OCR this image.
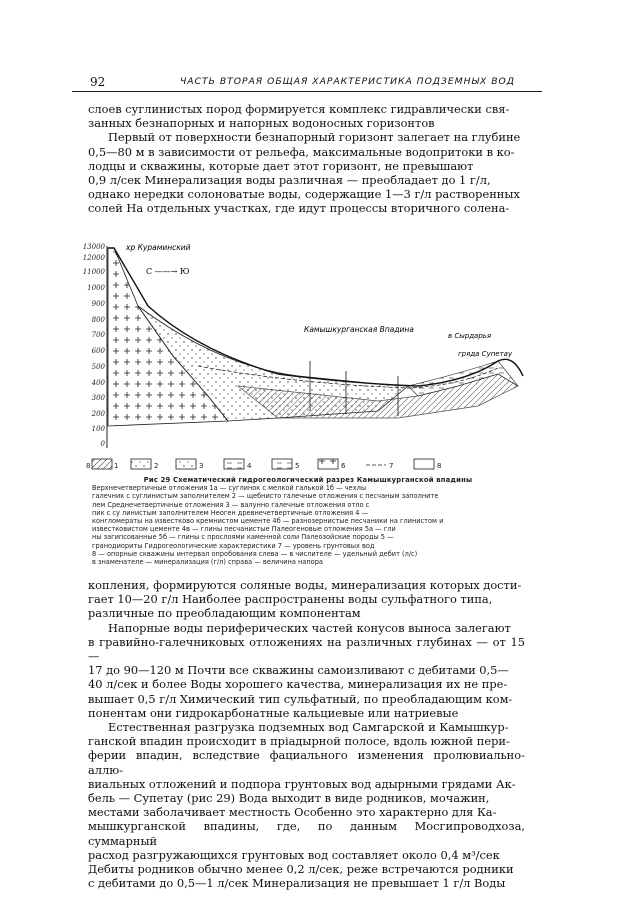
92	ЧАСТЬ ВТОРАЯ ОБЩАЯ ХАРАКТЕРИСТИКА ПОДЗЕМНЫХ ВОД

слоев суглинистых пород формируется комплекс гидравлически свя-

занных безнапорных и напорных водоносных горизонтов

Первый от поверхности безнапорный горизонт залегает на глубине

0,5—80 м в зависимости от рельефа, максимальные водопритоки в ко-

лодцы и скважины, которые дает этот горизонт, не превышают

0,9 л/сек Минерализация воды различная — преобладает до 1 г/л,

однако нередки солоноватые воды, содержащие 1—3 г/л растворенных

солей На отдельных участках, где идут процессы вторичного соленa-

13000
12000
11000
1000
900
800
700
600
500
400
300
200
100
0
хр Кураминский
С ——→ Ю
Камышкурганская Впадина
в Сырдарья
гряда Супетау
8	1	2	3	4	5	6	7	8

Рис 29 Схематический гидрогеологический разрез Камышкурганской впадины

Верхнечетвертичные отложения 1а — суглинок с мелкой галькой 1б — чехлы

галечник с суглинистым заполнителем 2 — щебнисто галечные отложения с песчаным заполните

лем Среднечетвертичные отложения 3 — валунно галечные отложения отло с

пик с су линистым заполнителем Неоген древнечетвертичные отложения 4 —

конгломераты на известково кремнистом цементе 4б — разнозернистые песчаники на глинистом и

известковистом цементе 4в — глины песчанистые Палеогеновые отложения 5а — гли

ны загипсованные 5б — глины с прослоями каменной соли Палеозойские породы 5 —

гранодиориты Гидрогеологические характеристики 7 — уровень грунтовых вод

8 — опорные скважины интервал опробования слева — в числителе — удельный дебит (л/с)

в знаменателе — минерализация (г/л) справа — величина напора

копления, формируются соляные воды, минерализация которых дости-

гает 10—20 г/л Наиболее распространены воды сульфатного типа,

различные по преобладающим компонентам

Напорные воды периферических частей конусов выноса залегают

в гравийно-галечниковых отложениях на различных глубинах — от 15—

17 до 90—120 м Почти все скважины самоизливают с дебитами 0,5—

40 л/сек и более Воды хорошего качества, минерализация их не пре-

вышает 0,5 г/л Химический тип сульфатный, по преобладающим ком-

понентам они гидрокарбонатные кальциевые или натриевые

Естественная разгрузка подземных вод Самгарской и Камышкур-

ганской впадин происходит в прiадырной полосе, вдоль южной пери-

ферии впадин, вследствие фациального изменения пролювиально-аллю-

виальных отложений и подпора грунтовых вод адырными грядами Ак-

бель — Супетау (рис 29) Вода выходит в виде родников, мочажин,

местами заболачивает местность Особенно это характерно для Ка-

мышкурганской впадины, где, по данным Мосгипроводхоза, суммарный

расход разгружающихся грунтовых вод составляет около 0,4 м³/сек

Дебиты родников обычно менее 0,2 л/сек, реже встречаются родники

с дебитами до 0,5—1 л/сек Минерализация не превышает 1 г/л Воды
